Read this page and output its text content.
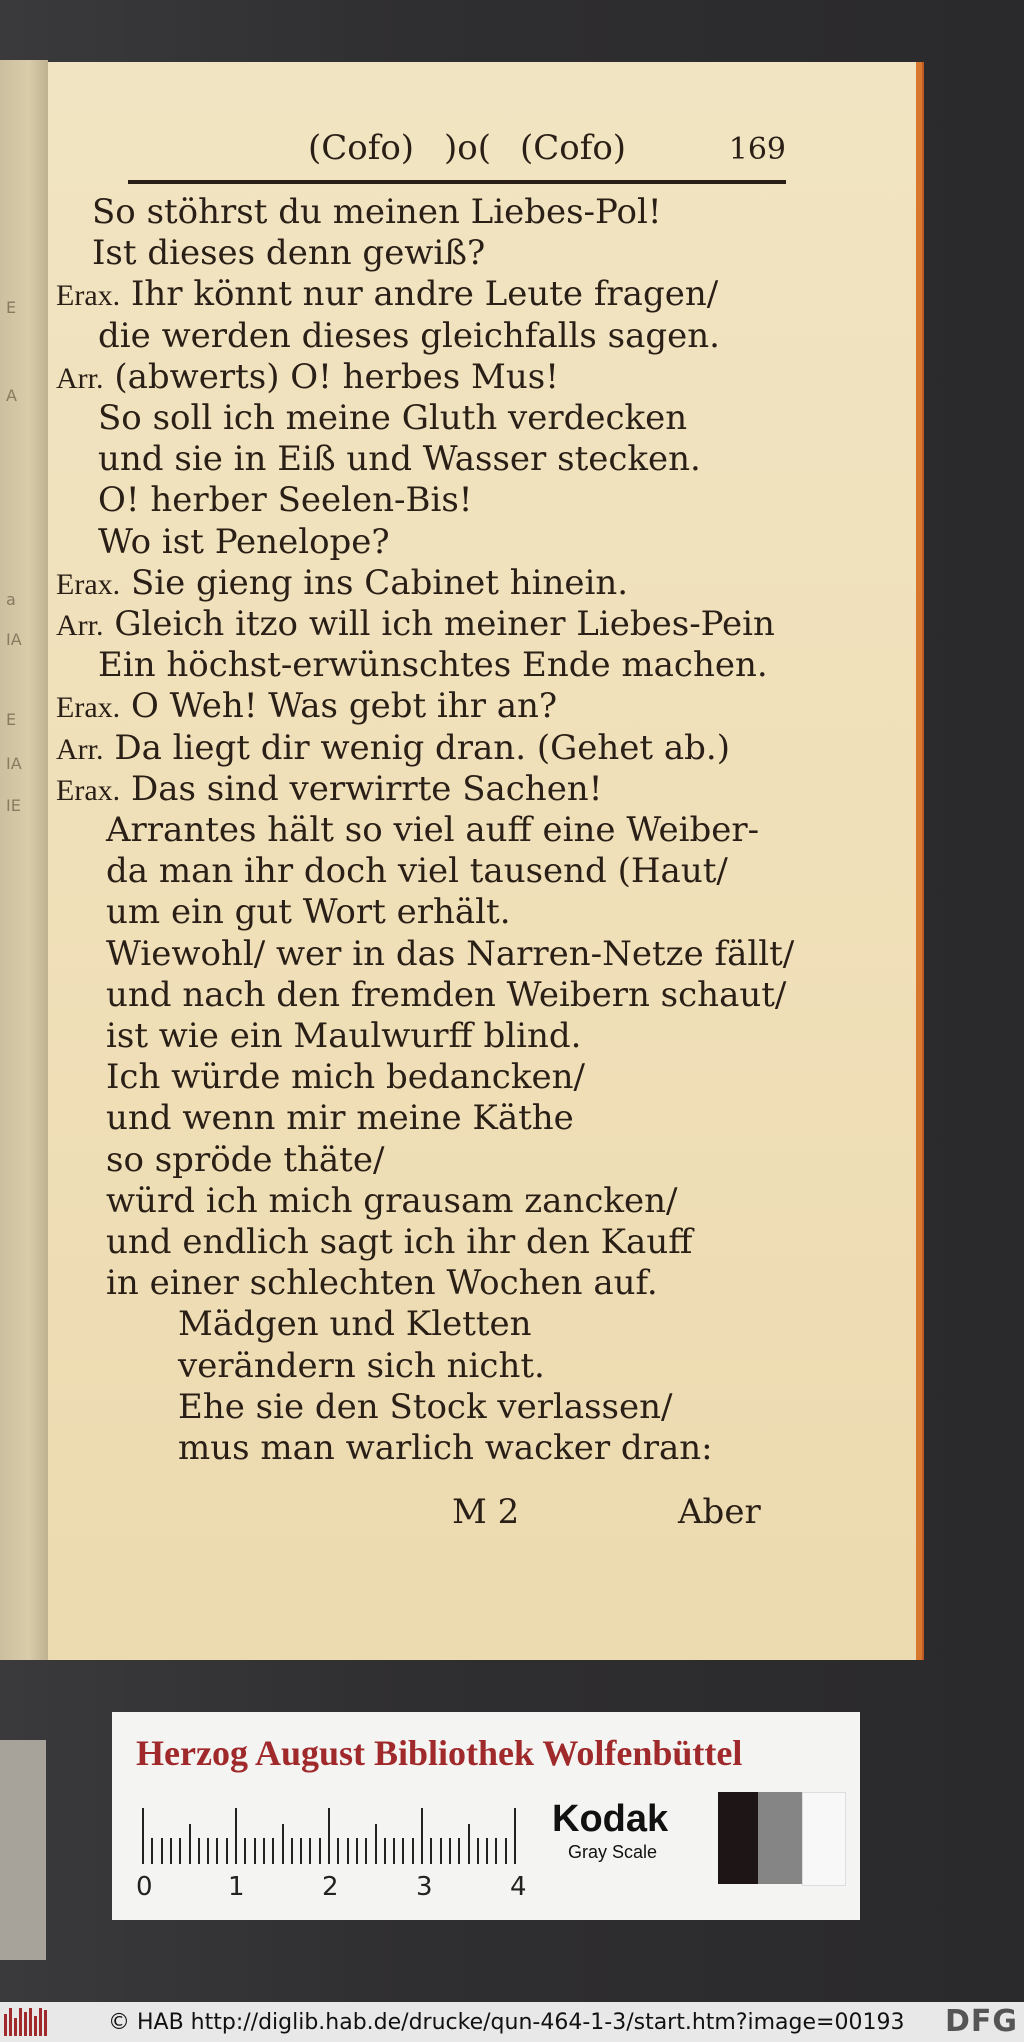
E
A
a
IA
E
IA
IE
(Cofo) )o( (Cofo)	169
So stöhrst du meinen Liebes-Pol!
Ist dieses denn gewiß?
Erax. Ihr könnt nur andre Leute fragen/
die werden dieses gleichfalls sagen.
Arr. (abwerts) O! herbes Mus!
So soll ich meine Gluth verdecken
und sie in Eiß und Wasser stecken.
O! herber Seelen-Bis!
Wo ist Penelope?
Erax. Sie gieng ins Cabinet hinein.
Arr. Gleich itzo will ich meiner Liebes-Pein
Ein höchst-erwünschtes Ende machen.
Erax. O Weh! Was gebt ihr an?
Arr. Da liegt dir wenig dran. (Gehet ab.)
Erax. Das sind verwirrte Sachen!
Arrantes hält so viel auff eine Weiber-
da man ihr doch viel tausend (Haut/
um ein gut Wort erhält.
Wiewohl/ wer in das Narren-Netze fällt/
und nach den fremden Weibern schaut/
ist wie ein Maulwurff blind.
Ich würde mich bedancken/
und wenn mir meine Käthe
so spröde thäte/
würd ich mich grausam zancken/
und endlich sagt ich ihr den Kauff
in einer schlechten Wochen auf.
Mädgen und Kletten
verändern sich nicht.
Ehe sie den Stock verlassen/
mus man warlich wacker dran:
M 2	Aber
Herzog August Bibliothek Wolfenbüttel
0	1	2	3	4
Kodak
Gray Scale
© HAB http://diglib.hab.de/drucke/qun-464-1-3/start.htm?image=00193 DFG
